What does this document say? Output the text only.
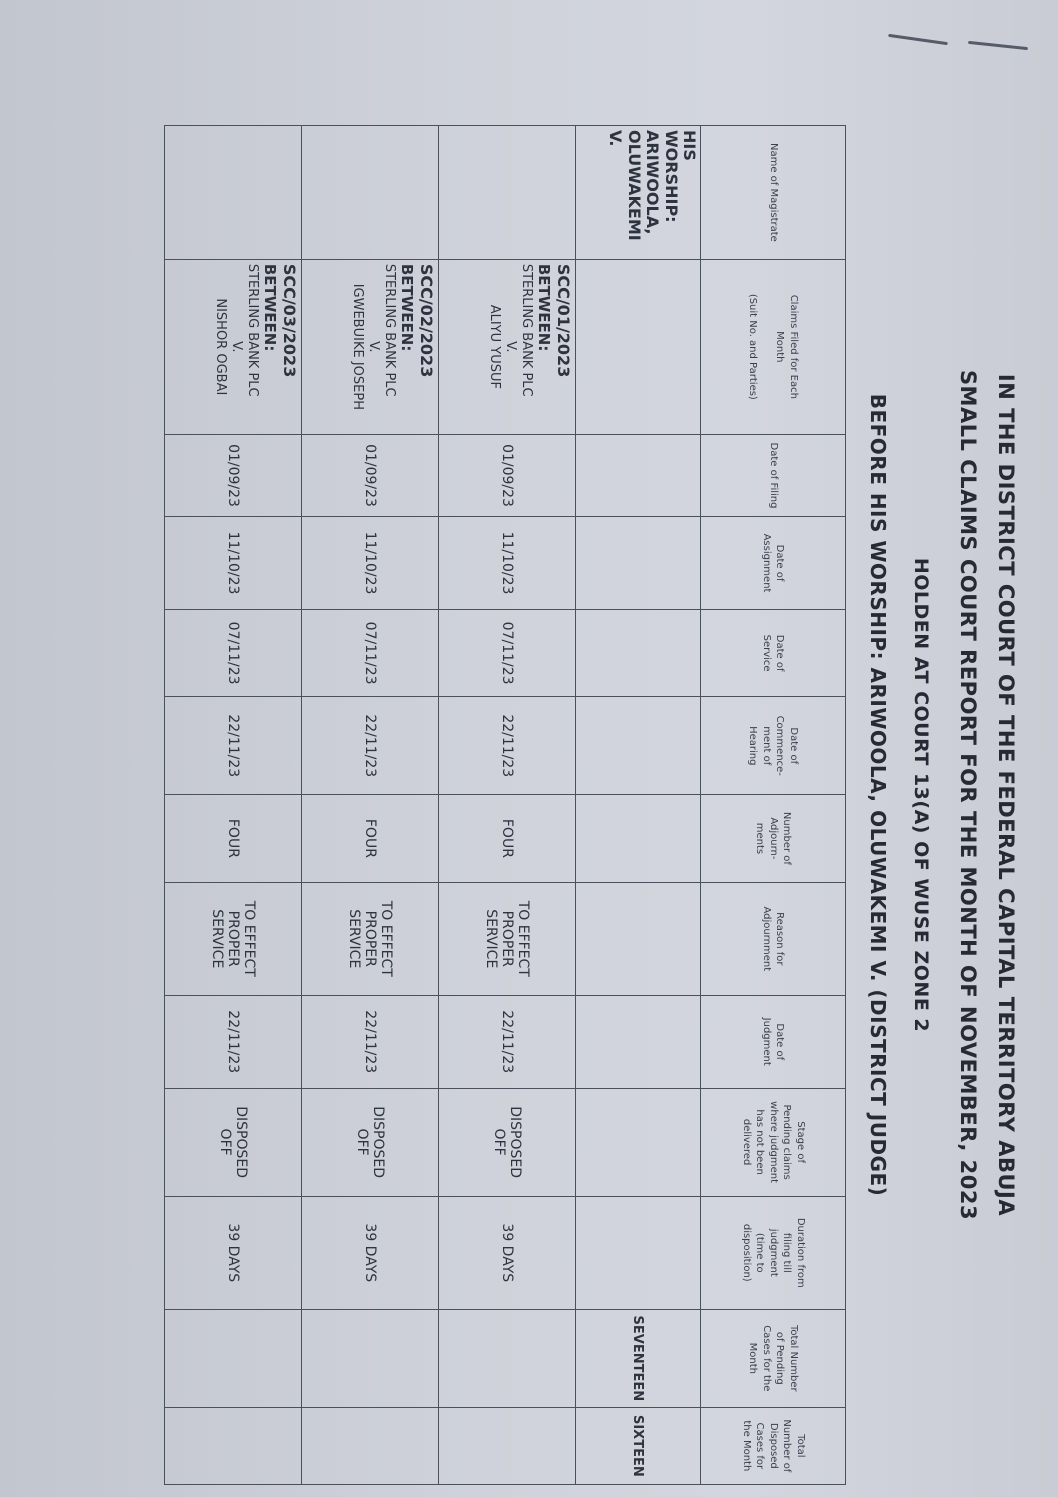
IN THE DISTRICT COURT OF THE FEDERAL CAPITAL TERRITORY ABUJA
SMALL CLAIMS COURT REPORT FOR THE MONTH OF NOVEMBER, 2023
HOLDEN AT COURT 13(A) OF WUSE ZONE 2
BEFORE HIS WORSHIP: ARIWOOLA, OLUWAKEMI V. (DISTRICT JUDGE)
Name of Magistrate	Claims Filed for Each
Month

(Suit No. and Parties)	Date of Filing	Date of
Assignment	Date of
Service	Date of
Commence-
ment of
Hearing	Number of
Adjourn-
ments	Reason for
Adjournment	Date of
Judgment	Stage of
Pending claims
where judgment
has not been
delivered	Duration from
filing till
judgment
(time to
disposition)	Total Number
of Pending
Cases for the
Month	Total
Number of
Disposed
Cases for
the Month
HIS WORSHIP:
ARIWOOLA,
OLUWAKEMI V.											SEVENTEEN	SIXTEEN

	SCC/01/2023
BETWEEN:
STERLING BANK PLC
V.
ALIYU YUSUF	01/09/23	11/10/23	07/11/23	22/11/23	FOUR	TO EFFECT PROPER SERVICE	22/11/23	DISPOSED OFF	39 DAYS		

	SCC/02/2023
BETWEEN:
STERLING BANK PLC
V.
IGWEBUIKE JOSEPH	01/09/23	11/10/23	07/11/23	22/11/23	FOUR	TO EFFECT PROPER SERVICE	22/11/23	DISPOSED OFF	39 DAYS		

	SCC/03/2023
BETWEEN:
STERLING BANK PLC
V.
NISHOR OGBAI	01/09/23	11/10/23	07/11/23	22/11/23	FOUR	TO EFFECT PROPER SERVICE	22/11/23	DISPOSED OFF	39 DAYS		
